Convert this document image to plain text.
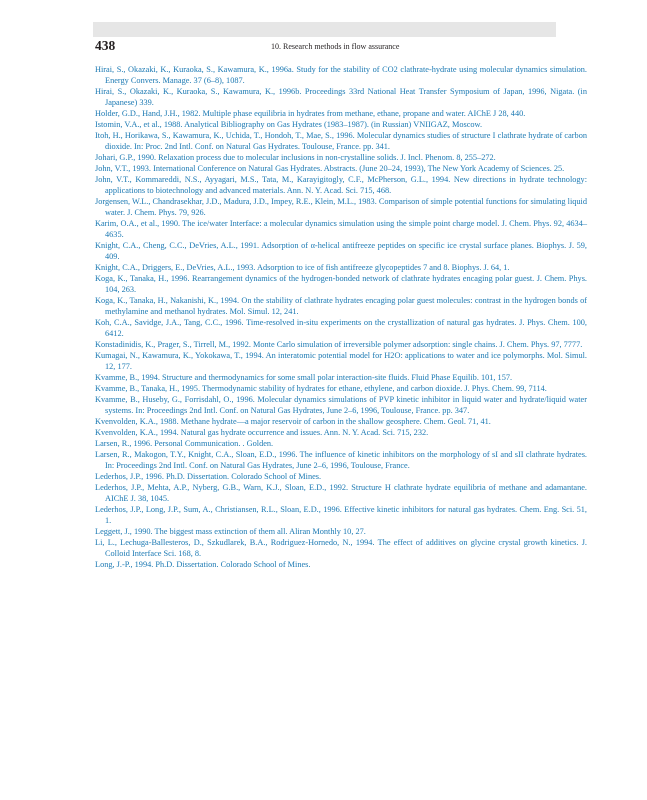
438	10. Research methods in flow assurance
Hirai, S., Okazaki, K., Kuraoka, S., Kawamura, K., 1996a. Study for the stability of CO2 clathrate-hydrate using molecular dynamics simulation. Energy Convers. Manage. 37 (6–8), 1087.
Hirai, S., Okazaki, K., Kuraoka, S., Kawamura, K., 1996b. Proceedings 33rd National Heat Transfer Symposium of Japan, 1996, Nigata. (in Japanese) 339.
Holder, G.D., Hand, J.H., 1982. Multiple phase equilibria in hydrates from methane, ethane, propane and water. AIChE J 28, 440.
Istomin, V.A., et al., 1988. Analytical Bibliography on Gas Hydrates (1983–1987). (in Russian) VNIIGAZ, Moscow.
Itoh, H., Horikawa, S., Kawamura, K., Uchida, T., Hondoh, T., Mae, S., 1996. Molecular dynamics studies of structure I clathrate hydrate of carbon dioxide. In: Proc. 2nd Intl. Conf. on Natural Gas Hydrates. Toulouse, France. pp. 341.
Johari, G.P., 1990. Relaxation process due to molecular inclusions in non-crystalline solids. J. Incl. Phenom. 8, 255–272.
John, V.T., 1993. International Conference on Natural Gas Hydrates. Abstracts. (June 20–24, 1993), The New York Academy of Sciences. 25.
John, V.T., Kommareddi, N.S., Ayyagari, M.S., Tata, M., Karayigitogly, C.F., McPherson, G.L., 1994. New directions in hydrate technology: applications to biotechnology and advanced materials. Ann. N. Y. Acad. Sci. 715, 468.
Jorgensen, W.L., Chandrasekhar, J.D., Madura, J.D., Impey, R.E., Klein, M.L., 1983. Comparison of simple potential functions for simulating liquid water. J. Chem. Phys. 79, 926.
Karim, O.A., et al., 1990. The ice/water Interface: a molecular dynamics simulation using the simple point charge model. J. Chem. Phys. 92, 4634–4635.
Knight, C.A., Cheng, C.C., DeVries, A.L., 1991. Adsorption of α-helical antifreeze peptides on specific ice crystal surface planes. Biophys. J. 59, 409.
Knight, C.A., Driggers, E., DeVries, A.L., 1993. Adsorption to ice of fish antifreeze glycopeptides 7 and 8. Biophys. J. 64, 1.
Koga, K., Tanaka, H., 1996. Rearrangement dynamics of the hydrogen-bonded network of clathrate hydrates encaging polar guest. J. Chem. Phys. 104, 263.
Koga, K., Tanaka, H., Nakanishi, K., 1994. On the stability of clathrate hydrates encaging polar guest molecules: contrast in the hydrogen bonds of methylamine and methanol hydrates. Mol. Simul. 12, 241.
Koh, C.A., Savidge, J.A., Tang, C.C., 1996. Time-resolved in-situ experiments on the crystallization of natural gas hydrates. J. Phys. Chem. 100, 6412.
Konstadinidis, K., Prager, S., Tirrell, M., 1992. Monte Carlo simulation of irreversible polymer adsorption: single chains. J. Chem. Phys. 97, 7777.
Kumagai, N., Kawamura, K., Yokokawa, T., 1994. An interatomic potential model for H2O: applications to water and ice polymorphs. Mol. Simul. 12, 177.
Kvamme, B., 1994. Structure and thermodynamics for some small polar interaction-site fluids. Fluid Phase Equilib. 101, 157.
Kvamme, B., Tanaka, H., 1995. Thermodynamic stability of hydrates for ethane, ethylene, and carbon dioxide. J. Phys. Chem. 99, 7114.
Kvamme, B., Huseby, G., Forrisdahl, O., 1996. Molecular dynamics simulations of PVP kinetic inhibitor in liquid water and hydrate/liquid water systems. In: Proceedings 2nd Intl. Conf. on Natural Gas Hydrates, June 2–6, 1996, Toulouse, France. pp. 347.
Kvenvolden, K.A., 1988. Methane hydrate—a major reservoir of carbon in the shallow geosphere. Chem. Geol. 71, 41.
Kvenvolden, K.A., 1994. Natural gas hydrate occurrence and issues. Ann. N. Y. Acad. Sci. 715, 232.
Larsen, R., 1996. Personal Communication. . Golden.
Larsen, R., Makogon, T.Y., Knight, C.A., Sloan, E.D., 1996. The influence of kinetic inhibitors on the morphology of sI and sII clathrate hydrates. In: Proceedings 2nd Intl. Conf. on Natural Gas Hydrates, June 2–6, 1996, Toulouse, France.
Lederhos, J.P., 1996. Ph.D. Dissertation. Colorado School of Mines.
Lederhos, J.P., Mehta, A.P., Nyberg, G.B., Warn, K.J., Sloan, E.D., 1992. Structure H clathrate hydrate equilibria of methane and adamantane. AIChE J. 38, 1045.
Lederhos, J.P., Long, J.P., Sum, A., Christiansen, R.L., Sloan, E.D., 1996. Effective kinetic inhibitors for natural gas hydrates. Chem. Eng. Sci. 51, 1.
Leggett, J., 1990. The biggest mass extinction of them all. Aliran Monthly 10, 27.
Li, L., Lechuga-Ballesteros, D., Szkudlarek, B.A., Rodriguez-Hornedo, N., 1994. The effect of additives on glycine crystal growth kinetics. J. Colloid Interface Sci. 168, 8.
Long, J.-P., 1994. Ph.D. Dissertation. Colorado School of Mines.
